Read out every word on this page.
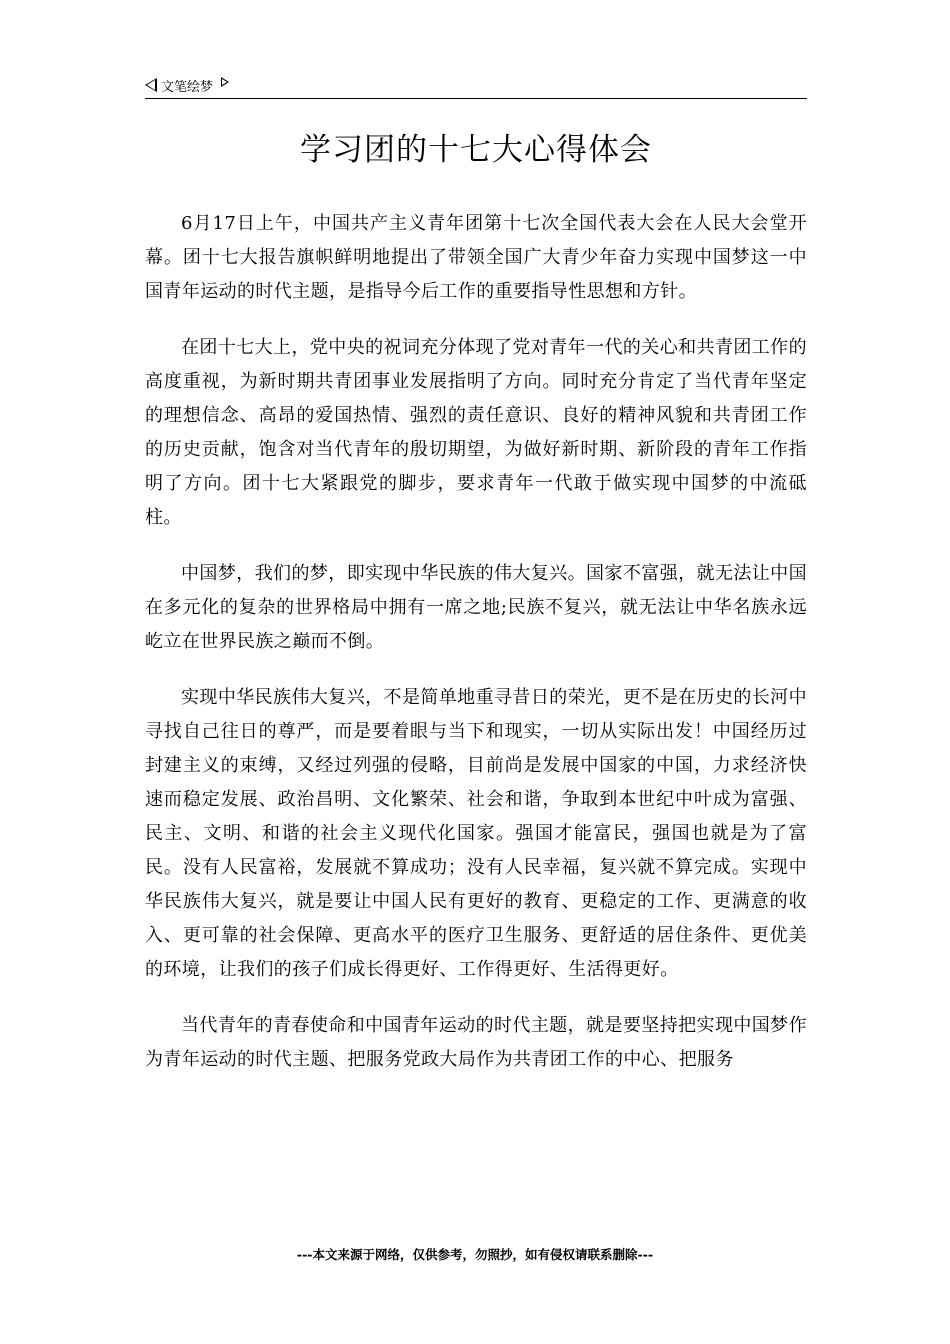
文笔绘梦
学习团的十七大心得体会

6月17日上午，中国共产主义青年团第十七次全国代表大会在人民大会堂开幕。团十七大报告旗帜鲜明地提出了带领全国广大青少年奋力实现中国梦这一中国青年运动的时代主题，是指导今后工作的重要指导性思想和方针。

在团十七大上，党中央的祝词充分体现了党对青年一代的关心和共青团工作的高度重视，为新时期共青团事业发展指明了方向。同时充分肯定了当代青年坚定的理想信念、高昂的爱国热情、强烈的责任意识、良好的精神风貌和共青团工作的历史贡献，饱含对当代青年的殷切期望，为做好新时期、新阶段的青年工作指明了方向。团十七大紧跟党的脚步，要求青年一代敢于做实现中国梦的中流砥柱。

中国梦，我们的梦，即实现中华民族的伟大复兴。国家不富强，就无法让中国在多元化的复杂的世界格局中拥有一席之地;民族不复兴，就无法让中华名族永远屹立在世界民族之巅而不倒。

实现中华民族伟大复兴，不是简单地重寻昔日的荣光，更不是在历史的长河中寻找自己往日的尊严，而是要着眼与当下和现实，一切从实际出发！中国经历过封建主义的束缚，又经过列强的侵略，目前尚是发展中国家的中国，力求经济快速而稳定发展、政治昌明、文化繁荣、社会和谐，争取到本世纪中叶成为富强、民主、文明、和谐的社会主义现代化国家。强国才能富民，强国也就是为了富民。没有人民富裕，发展就不算成功；没有人民幸福，复兴就不算完成。实现中华民族伟大复兴，就是要让中国人民有更好的教育、更稳定的工作、更满意的收入、更可靠的社会保障、更高水平的医疗卫生服务、更舒适的居住条件、更优美的环境，让我们的孩子们成长得更好、工作得更好、生活得更好。

当代青年的青春使命和中国青年运动的时代主题，就是要坚持把实现中国梦作为青年运动的时代主题、把服务党政大局作为共青团工作的中心、把服务

---本文来源于网络，仅供参考，勿照抄，如有侵权请联系删除---
